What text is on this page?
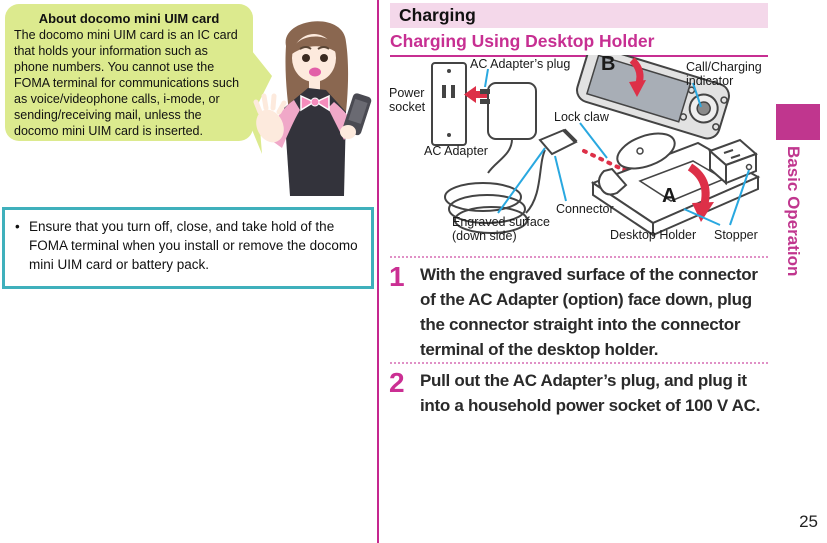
About docomo mini UIM card
The docomo mini UIM card is an IC card that holds your information such as phone numbers. You cannot use the FOMA terminal for communications such as voice/videophone calls, i-mode, or sending/receiving mail, unless the docomo mini UIM card is inserted.
• Ensure that you turn off, close, and take hold of the FOMA terminal when you install or remove the docomo mini UIM card or battery pack.
Charging
Charging Using Desktop Holder
AC Adapter’s plug
Power socket
AC Adapter
Lock claw
Call/Charging indicator
Connector
Engraved surface (down side)	Desktop Holder Stopper
B
A
1 With the engraved surface of the connector of the AC Adapter (option) face down, plug the connector straight into the connector terminal of the desktop holder.
2 Pull out the AC Adapter’s plug, and plug it into a household power socket of 100 V AC.
Basic Operation
25
